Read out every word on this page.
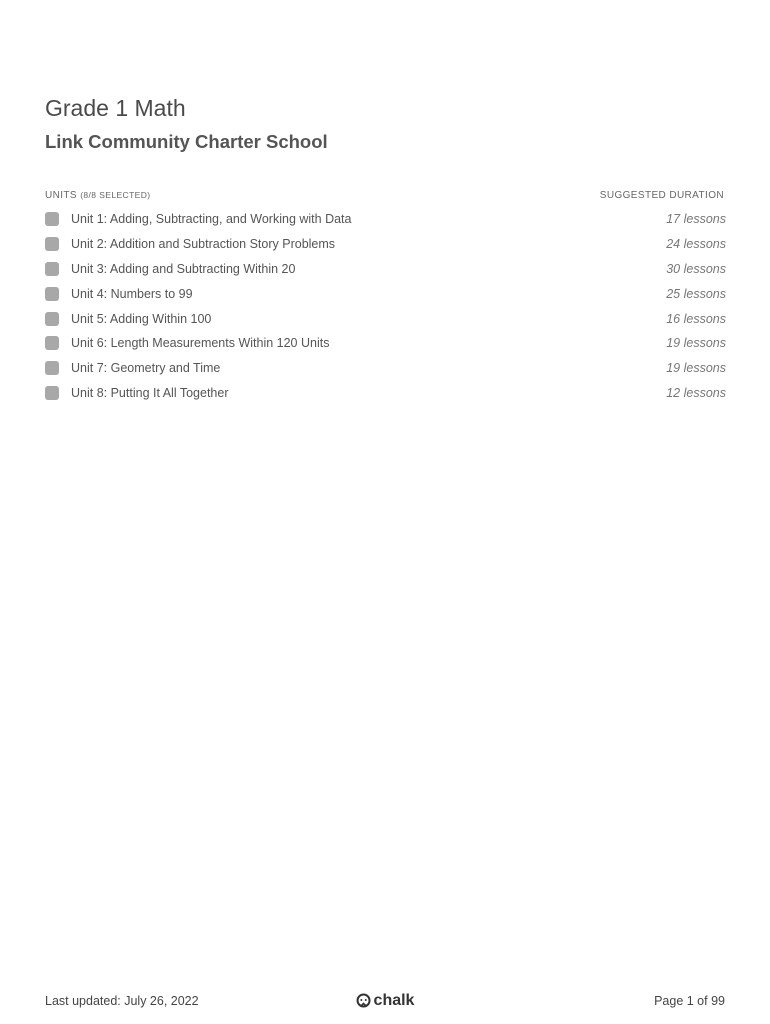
Grade 1 Math
Link Community Charter School
UNITS (8/8 SELECTED)	SUGGESTED DURATION
Unit 1: Adding, Subtracting, and Working with Data	17 lessons
Unit 2: Addition and Subtraction Story Problems	24 lessons
Unit 3: Adding and Subtracting Within 20	30 lessons
Unit 4: Numbers to 99	25 lessons
Unit 5: Adding Within 100	16 lessons
Unit 6: Length Measurements Within 120 Units	19 lessons
Unit 7: Geometry and Time	19 lessons
Unit 8: Putting It All Together	12 lessons
Last updated: July 26, 2022	chalk	Page 1 of 99
